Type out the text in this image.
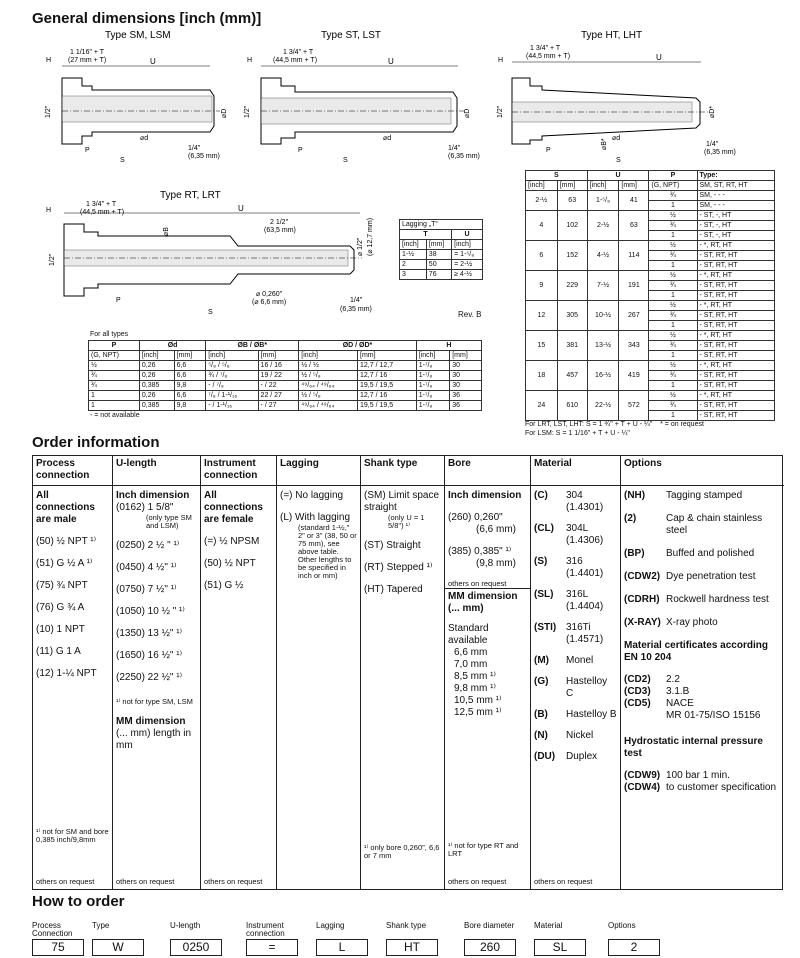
General dimensions [inch (mm)]
Type SM, LSM
1 1/16" + T
(27 mm + T)	U
H
1/2"	⌀D
⌀d
P
S
1/4"
(6,35 mm)
Type ST, LST
1 3/4" + T
(44,5 mm + T)	U
H
1/2"	⌀D
⌀d
P
S
1/4"
(6,35 mm)
Type HT, LHT
1 3/4" + T
(44,5 mm + T)	U
H
1/2"	⌀D*
⌀B* ⌀d
P
S
1/4"
(6,35 mm)
Type RT, LRT
1 3/4" + T
(44,5 mm + T)	U
H
2 1/2"
(63,5 mm)
1/2"
⌀B
⌀ 1/2" (⌀ 12,7 mm)
⌀ 0,260"
(⌀ 6,6 mm)
P
S
1/4"
(6,35 mm)
Lagging „T“		
T		U
[inch]	[mm]	[inch]
1-½	38	= 1-⁵/₈
2	50	= 2-½
3	76	≥ 4-½
Rev. B
For all types
P	Ød		ØB / ØB*		ØD / ØD*		H	
(G, NPT)	[inch]	[mm]	[inch]	[mm]	[inch]	[mm]	[inch]	[mm]
½	0,26	6,6	⁵/₈ / ⁵/₈	16 / 16	½ / ½	12,7 / 12,7	1-⁷/₈	30
¾	0,26	6,6	¾ / ⁷/₈	19 / 22	½ / ⁵/₈	12,7 / 16	1-⁷/₈	30
¾	0,385	9,8	- / ⁷/₈	- / 22	⁴⁹/₆₄ / ⁴⁹/₆₄	19,5 / 19,5	1-⁷/₈	30
1	0,26	6,6	⁷/₈ / 1-¹/₁₆	22 / 27	½ / ⁵/₈	12,7 / 16	1-⁷/₈	36
1	0,385	9,8	- / 1-¹/₁₆	- / 27	⁴⁹/₆₄ / ⁴⁹/₆₄	19,5 / 19,5	1-⁷/₈	36
- = not available
S		U		P	Type:
[inch]	[mm]	[inch]	[mm]	(G, NPT)	SM, ST, RT, HT
2-½	63	1-⁵/₈	41	¾	SM, - - -
				1	SM, - - -
4	102	2-½	63	½	- ST, -, HT
				¾	- ST, -, HT
				1	- ST, -, HT
6	152	4-½	114	½	- *, RT, HT
				¾	- ST, RT, HT
				1	- ST, RT, HT
9	229	7-½	191	½	- *, RT, HT
				¾	- ST, RT, HT
				1	- ST, RT, HT
12	305	10-½	267	½	- *, RT, HT
				¾	- ST, RT, HT
				1	- ST, RT, HT
15	381	13-½	343	½	- *, RT, HT
				¾	- ST, RT, HT
				1	- ST, RT, HT
18	457	16-½	419	½	- *, RT, HT
				¾	- ST, RT, HT
				1	- ST, RT, HT
24	610	22-½	572	½	- *, RT, HT
				¾	- ST, RT, HT
				1	- ST, RT, HT
For LRT, LST, LHT: S = 1 ¾" + T + U - ¼" * = on request
For LSM: S = 1 1/16" + T + U - ¼"
Order information
Process connection
All connections are male
(50) ½ NPT ¹⁾
(51) G ½ A ¹⁾
(75) ¾ NPT
(76) G ¾ A
(10) 1 NPT
(11) G 1 A
(12) 1-¼ NPT
¹⁾ not for SM and bore 0,385 inch/9,8mm
others on request
U-length
Inch dimension
(0162) 1 5/8"
(only type SM and LSM)
(0250) 2 ½ " ¹⁾
(0450) 4 ½" ¹⁾
(0750) 7 ½" ¹⁾
(1050) 10 ½ " ¹⁾
(1350) 13 ½" ¹⁾
(1650) 16 ½" ¹⁾
(2250) 22 ½" ¹⁾
¹⁾ not for type SM, LSM
MM dimension
(... mm) length in mm
others on request
Instrument connection
All connections are female
(=) ½ NPSM
(50) ½ NPT
(51) G ½
others on request
Lagging
(=) No lagging
(L) With lagging
(standard 1-½," 2" or 3" (38, 50 or 75 mm), see above table. Other lengths to be specified in inch or mm)
Shank type
(SM) Limit space straight
(only U = 1 5/8") ¹⁾
(ST) Straight
(RT) Stepped ¹⁾
(HT) Tapered
¹⁾ only bore 0,260", 6,6 or 7 mm
Bore
Inch dimension
(260) 0,260"
(6,6 mm)
(385) 0,385" ¹⁾
(9,8 mm)
others on request
MM dimension (... mm)
Standard available
6,6 mm
7,0 mm
8,5 mm ¹⁾
9,8 mm ¹⁾
10,5 mm ¹⁾
12,5 mm ¹⁾
¹⁾ not for type RT and LRT
others on request
Material
(C)	304
(1.4301)
(CL)	304L
(1.4306)
(S)	316
(1.4401)
(SL)	316L
(1.4404)
(STI) 316Ti
(1.4571)
(M)	Monel
(G)	Hastelloy C
(B)	Hastelloy B
(N)	Nickel
(DU)	Duplex
others on request
Options
(NH)	Tagging stamped
(2)	Cap & chain stainless steel
(BP)	Buffed and polished
(CDW2) Dye penetration test
(CDRH) Rockwell hardness test
(X-RAY) X-ray photo
Material certificates according EN 10 204
(CD2)	2.2
(CD3)	3.1.B
(CD5)	NACE
MR 01-75/ISO 15156
Hydrostatic internal pressure test
(CDW9) 100 bar 1 min.
(CDW4) to customer specification
How to order
Process Connection
75
Type
W
U-length
0250
Instrument connection
=
Lagging
L
Shank type
HT
Bore diameter
260
Material
SL
Options
2
